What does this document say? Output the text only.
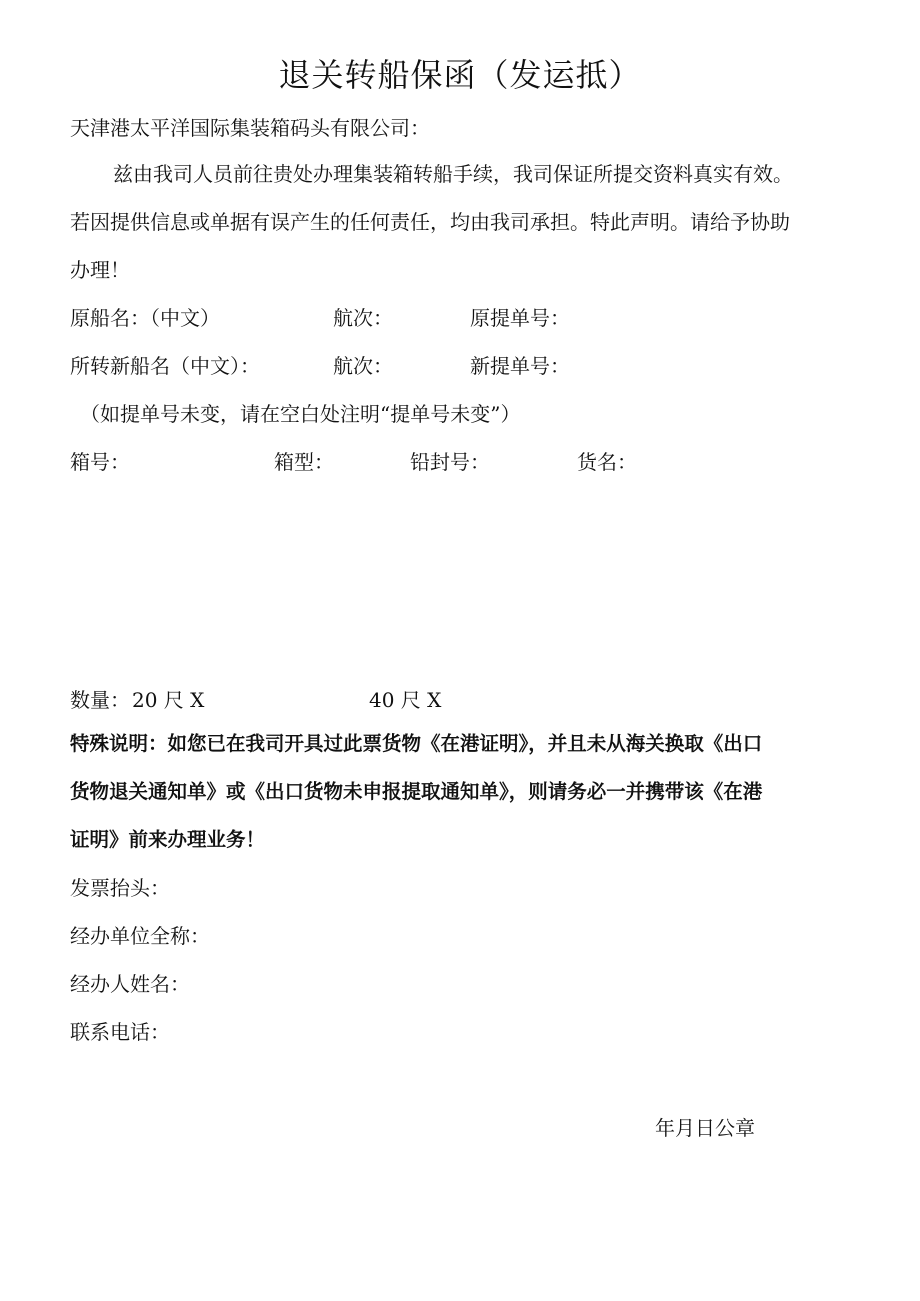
退关转船保函（发运抵）
天津港太平洋国际集装箱码头有限公司：
兹由我司人员前往贵处办理集装箱转船手续，我司保证所提交资料真实有效。
若因提供信息或单据有误产生的任何责任，均由我司承担。特此声明。请给予协助
办理！
原船名：（中文）	航次：	原提单号：
所转新船名（中文）：	航次：	新提单号：
（如提单号未变，请在空白处注明“提单号未变”）
箱号：	箱型：	铅封号：	货名：
数量： 20 尺 X	40 尺 X
特殊说明：如您已在我司开具过此票货物《在港证明》，并且未从海关换取《出口
货物退关通知单》或《出口货物未申报提取通知单》，则请务必一并携带该《在港
证明》前来办理业务！
发票抬头：
经办单位全称：
经办人姓名：
联系电话：
年月日公章
